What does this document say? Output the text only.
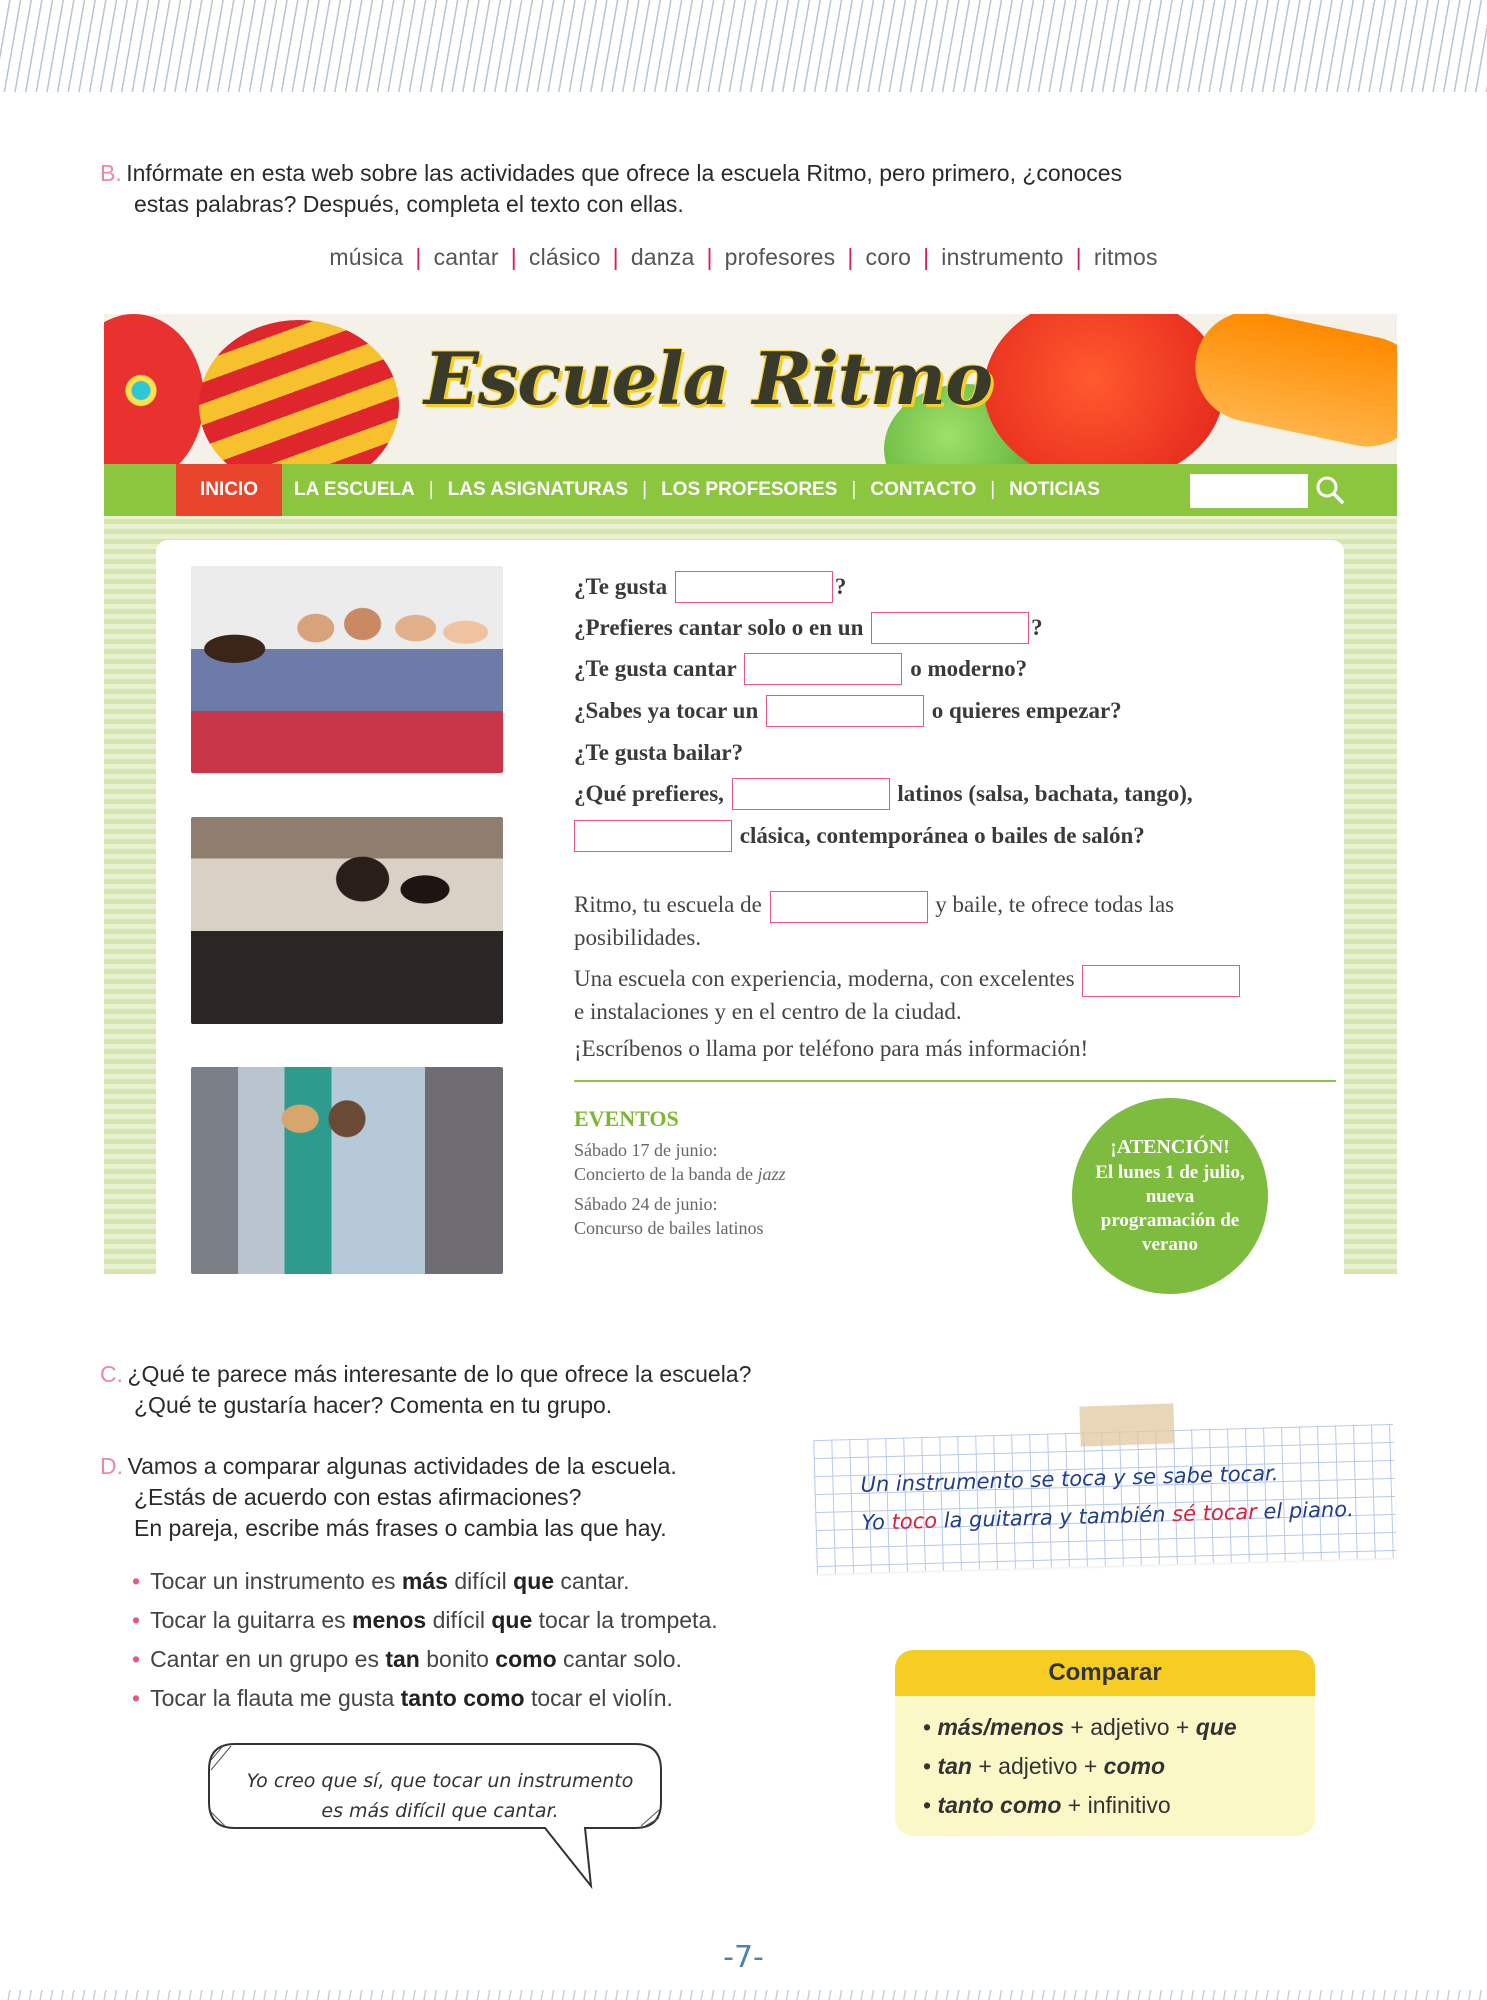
B. Infórmate en esta web sobre las actividades que ofrece la escuela Ritmo, pero primero, ¿conoces
estas palabras? Después, completa el texto con ellas.
música | cantar | clásico | danza | profesores | coro | instrumento | ritmos
Escuela Ritmo
INICIO	LA ESCUELA | LAS ASIGNATURAS | LOS PROFESORES | CONTACTO | NOTICIAS
¿Te gusta
	?
¿Prefieres cantar solo o en un
	?
¿Te gusta cantar

	o moderno?
¿Sabes ya tocar un

	o quieres empezar?
¿Te gusta bailar?
¿Qué prefieres,

	latinos (salsa, bachata, tango),

clásica, contemporánea o bailes de salón?
Ritmo, tu escuela de	y baile, te ofrece todas las
posibilidades.
Una escuela con experiencia, moderna, con excelentes
e instalaciones y en el centro de la ciudad.
¡Escríbenos o llama por teléfono para más información!
EVENTOS
Sábado 17 de junio:
Concierto de la banda de jazz
Sábado 24 de junio:
Concurso de bailes latinos
¡ATENCIÓN!
El lunes 1 de julio, nueva programación de verano
C. ¿Qué te parece más interesante de lo que ofrece la escuela?
¿Qué te gustaría hacer? Comenta en tu grupo.
D. Vamos a comparar algunas actividades de la escuela.
¿Estás de acuerdo con estas afirmaciones?
En pareja, escribe más frases o cambia las que hay.
• Tocar un instrumento es más difícil que cantar.
• Tocar la guitarra es menos difícil que tocar la trompeta.
• Cantar en un grupo es tan bonito como cantar solo.
• Tocar la flauta me gusta tanto como tocar el violín.
Yo creo que sí, que tocar un instrumento
es más difícil que cantar.
Un instrumento se toca y se sabe tocar.
Yo toco la guitarra y también sé tocar el piano.
Comparar
• más/menos + adjetivo + que
• tan + adjetivo + como
• tanto como + infinitivo
-7-
